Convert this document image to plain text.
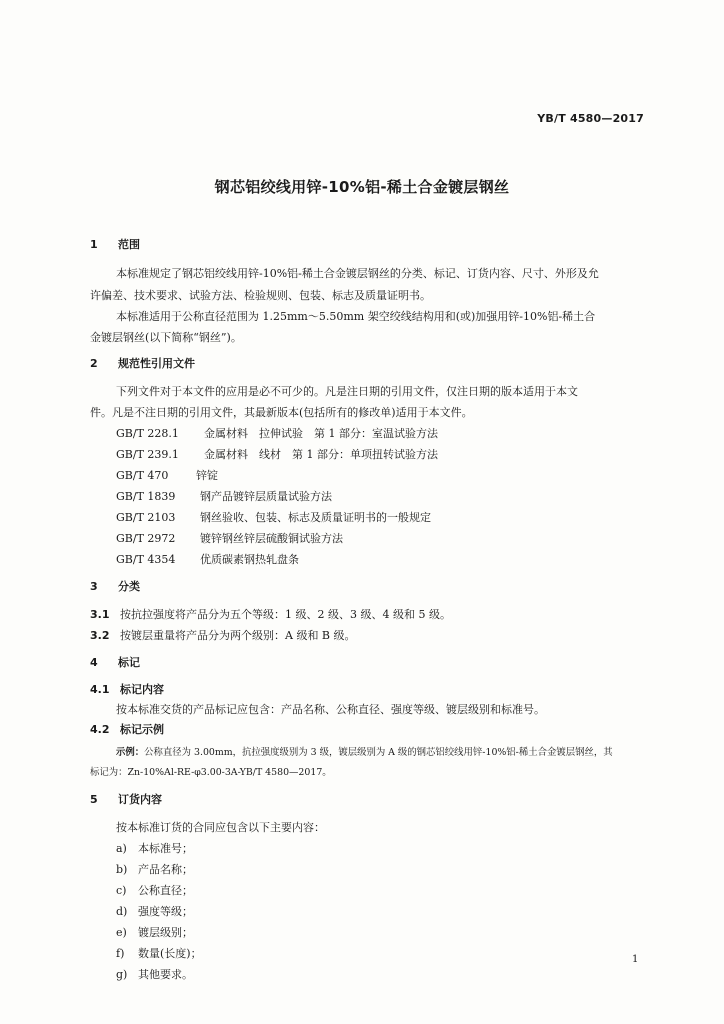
YB/T 4580—2017
钢芯铝绞线用锌-10%铝-稀土合金镀层钢丝
1 范围
本标准规定了钢芯铝绞线用锌-10%铝-稀土合金镀层钢丝的分类、标记、订货内容、尺寸、外形及允
许偏差、技术要求、试验方法、检验规则、包装、标志及质量证明书。
本标准适用于公称直径范围为 1.25mm～5.50mm 架空绞线结构用和(或)加强用锌-10%铝-稀土合
金镀层钢丝(以下简称“钢丝”)。
2 规范性引用文件
下列文件对于本文件的应用是必不可少的。凡是注日期的引用文件，仅注日期的版本适用于本文
件。凡是不注日期的引用文件，其最新版本(包括所有的修改单)适用于本文件。
GB/T 228.1 金属材料　拉伸试验　第 1 部分：室温试验方法
GB/T 239.1 金属材料　线材　第 1 部分：单项扭转试验方法
GB/T 470	锌锭
GB/T 1839 钢产品镀锌层质量试验方法
GB/T 2103 钢丝验收、包装、标志及质量证明书的一般规定
GB/T 2972 镀锌钢丝锌层硫酸铜试验方法
GB/T 4354 优质碳素钢热轧盘条
3 分类
3.1 按抗拉强度将产品分为五个等级：1 级、2 级、3 级、4 级和 5 级。
3.2 按镀层重量将产品分为两个级别：A 级和 B 级。
4 标记
4.1 标记内容
按本标准交货的产品标记应包含：产品名称、公称直径、强度等级、镀层级别和标准号。
4.2 标记示例
示例：公称直径为 3.00mm，抗拉强度级别为 3 级，镀层级别为 A 级的钢芯铝绞线用锌-10%铝-稀土合金镀层钢丝，其
标记为：Zn-10%Al-RE-φ3.00-3A-YB/T 4580—2017。
5 订货内容
按本标准订货的合同应包含以下主要内容：
a) 本标准号；
b) 产品名称；
c) 公称直径；
d) 强度等级；
e) 镀层级别；
f) 数量(长度)；
g) 其他要求。
1
